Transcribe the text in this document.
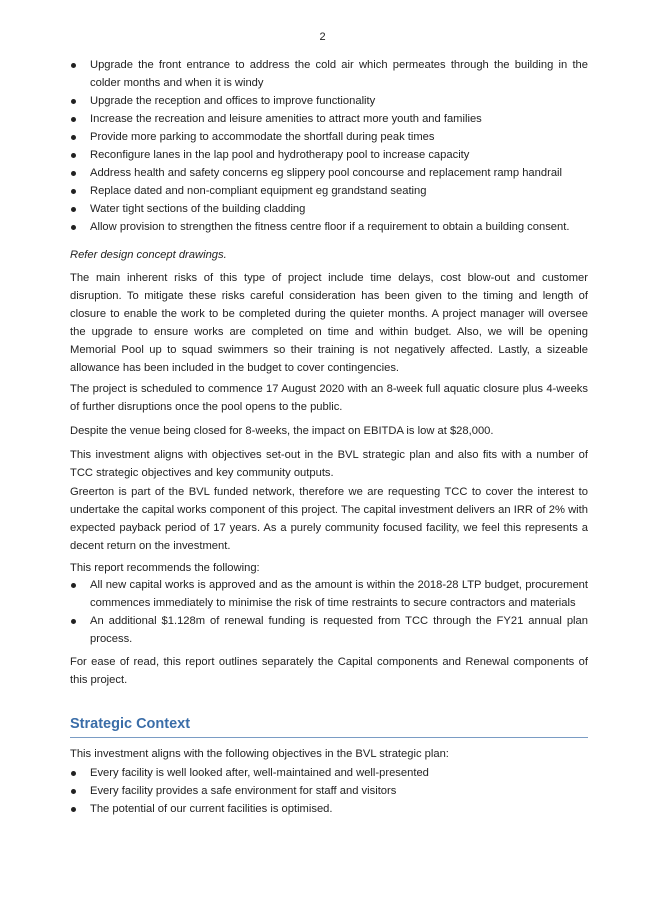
2
Upgrade the front entrance to address the cold air which permeates through the building in the colder months and when it is windy
Upgrade the reception and offices to improve functionality
Increase the recreation and leisure amenities to attract more youth and families
Provide more parking to accommodate the shortfall during peak times
Reconfigure lanes in the lap pool and hydrotherapy pool to increase capacity
Address health and safety concerns eg slippery pool concourse and replacement ramp handrail
Replace dated and non-compliant equipment eg grandstand seating
Water tight sections of the building cladding
Allow provision to strengthen the fitness centre floor if a requirement to obtain a building consent.

Refer design concept drawings.

The main inherent risks of this type of project include time delays, cost blow-out and customer disruption. To mitigate these risks careful consideration has been given to the timing and length of closure to enable the work to be completed during the quieter months. A project manager will oversee the upgrade to ensure works are completed on time and within budget. Also, we will be opening Memorial Pool up to squad swimmers so their training is not negatively affected. Lastly, a sizeable allowance has been included in the budget to cover contingencies.

The project is scheduled to commence 17 August 2020 with an 8-week full aquatic closure plus 4-weeks of further disruptions once the pool opens to the public.

Despite the venue being closed for 8-weeks, the impact on EBITDA is low at $28,000.

This investment aligns with objectives set-out in the BVL strategic plan and also fits with a number of TCC strategic objectives and key community outputs.

Greerton is part of the BVL funded network, therefore we are requesting TCC to cover the interest to undertake the capital works component of this project. The capital investment delivers an IRR of 2% with expected payback period of 17 years. As a purely community focused facility, we feel this represents a decent return on the investment.

This report recommends the following:

All new capital works is approved and as the amount is within the 2018-28 LTP budget, procurement commences immediately to minimise the risk of time restraints to secure contractors and materials
An additional $1.128m of renewal funding is requested from TCC through the FY21 annual plan process.

For ease of read, this report outlines separately the Capital components and Renewal components of this project.

Strategic Context

This investment aligns with the following objectives in the BVL strategic plan:

Every facility is well looked after, well-maintained and well-presented
Every facility provides a safe environment for staff and visitors
The potential of our current facilities is optimised.
